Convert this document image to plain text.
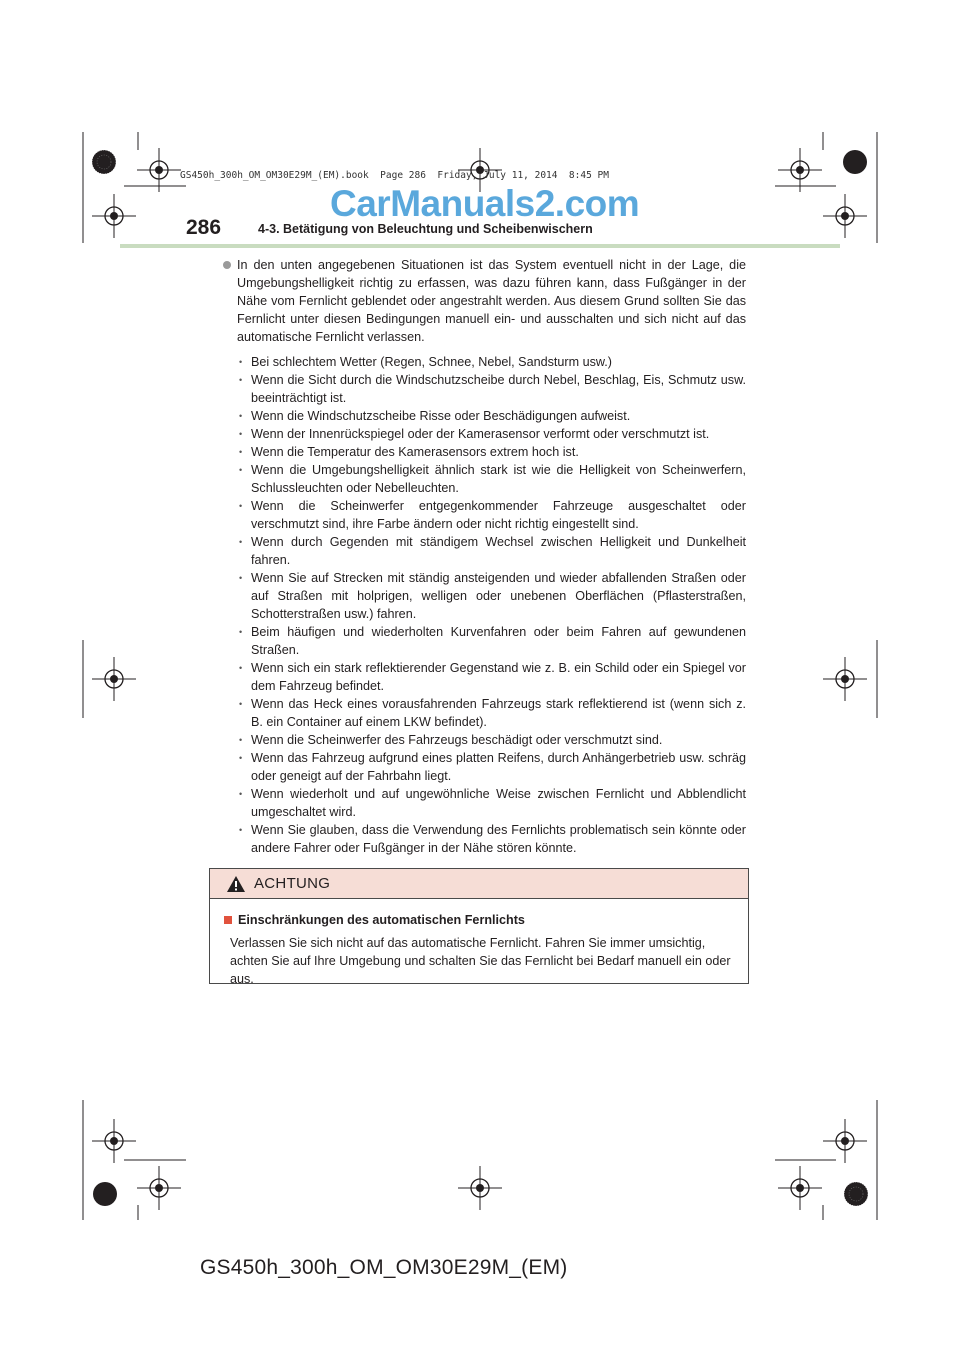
GS450h_300h_OM_OM30E29M_(EM).book  Page 286  Friday, July 11, 2014  8:45 PM
CarManuals2.com
286	4-3. Betätigung von Beleuchtung und Scheibenwischern
In den unten angegebenen Situationen ist das System eventuell nicht in der Lage, die Umgebungshelligkeit richtig zu erfassen, was dazu führen kann, dass Fußgänger in der Nähe vom Fernlicht geblendet oder angestrahlt werden. Aus diesem Grund sollten Sie das Fernlicht unter diesen Bedingungen manuell ein- und ausschalten und sich nicht auf das automatische Fernlicht verlassen.
• Bei schlechtem Wetter (Regen, Schnee, Nebel, Sandsturm usw.)
• Wenn die Sicht durch die Windschutzscheibe durch Nebel, Beschlag, Eis, Schmutz usw. beeinträchtigt ist.
• Wenn die Windschutzscheibe Risse oder Beschädigungen aufweist.
• Wenn der Innenrückspiegel oder der Kamerasensor verformt oder verschmutzt ist.
• Wenn die Temperatur des Kamerasensors extrem hoch ist.
• Wenn die Umgebungshelligkeit ähnlich stark ist wie die Helligkeit von Scheinwerfern, Schlussleuchten oder Nebelleuchten.
• Wenn die Scheinwerfer entgegenkommender Fahrzeuge ausgeschaltet oder verschmutzt sind, ihre Farbe ändern oder nicht richtig eingestellt sind.
• Wenn durch Gegenden mit ständigem Wechsel zwischen Helligkeit und Dunkelheit fahren.
• Wenn Sie auf Strecken mit ständig ansteigenden und wieder abfallenden Straßen oder auf Straßen mit holprigen, welligen oder unebenen Oberflächen (Pflasterstraßen, Schotterstraßen usw.) fahren.
• Beim häufigen und wiederholten Kurvenfahren oder beim Fahren auf gewundenen Straßen.
• Wenn sich ein stark reflektierender Gegenstand wie z. B. ein Schild oder ein Spiegel vor dem Fahrzeug befindet.
• Wenn das Heck eines vorausfahrenden Fahrzeugs stark reflektierend ist (wenn sich z. B. ein Container auf einem LKW befindet).
• Wenn die Scheinwerfer des Fahrzeugs beschädigt oder verschmutzt sind.
• Wenn das Fahrzeug aufgrund eines platten Reifens, durch Anhängerbetrieb usw. schräg oder geneigt auf der Fahrbahn liegt.
• Wenn wiederholt und auf ungewöhnliche Weise zwischen Fernlicht und Abblendlicht umgeschaltet wird.
• Wenn Sie glauben, dass die Verwendung des Fernlichts problematisch sein könnte oder andere Fahrer oder Fußgänger in der Nähe stören könnte.
ACHTUNG
Einschränkungen des automatischen Fernlichts
Verlassen Sie sich nicht auf das automatische Fernlicht. Fahren Sie immer umsichtig, achten Sie auf Ihre Umgebung und schalten Sie das Fernlicht bei Bedarf manuell ein oder aus.
GS450h_300h_OM_OM30E29M_(EM)
